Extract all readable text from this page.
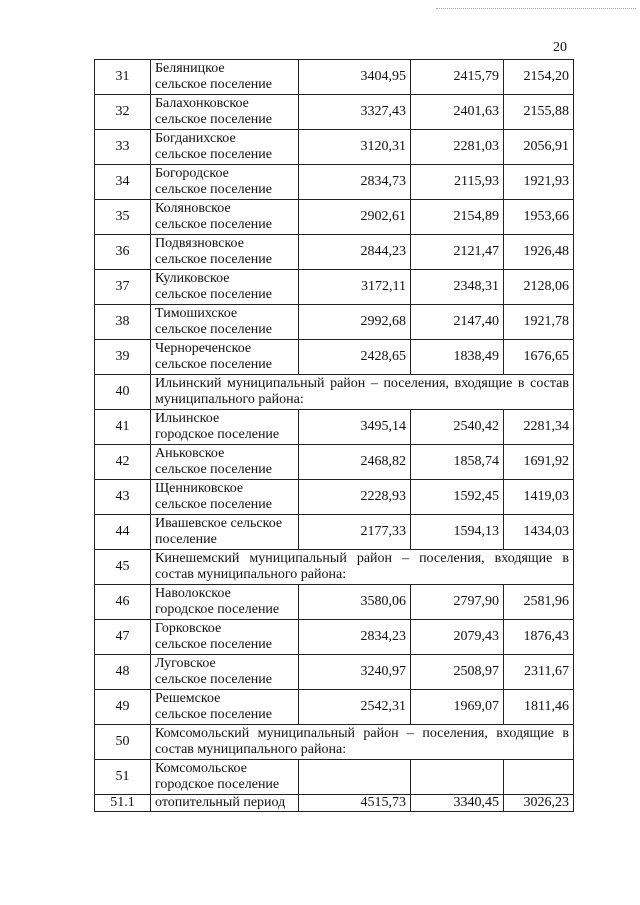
20
31	Беляницкое
сельское поселение	3404,95	2415,79	2154,20
32	Балахонковское
сельское поселение	3327,43	2401,63	2155,88
33	Богданихское
сельское поселение	3120,31	2281,03	2056,91
34	Богородское
сельское поселение	2834,73	2115,93	1921,93
35	Коляновское
сельское поселение	2902,61	2154,89	1953,66
36	Подвязновское
сельское поселение	2844,23	2121,47	1926,48
37	Куликовское
сельское поселение	3172,11	2348,31	2128,06
38	Тимошихское
сельское поселение	2992,68	2147,40	1921,78
39	Чернореченское
сельское поселение	2428,65	1838,49	1676,65
40	Ильинский муниципальный район – поселения, входящие в состав муниципального района:			
41	Ильинское
городское поселение	3495,14	2540,42	2281,34
42	Аньковское
сельское поселение	2468,82	1858,74	1691,92
43	Щенниковское
сельское поселение	2228,93	1592,45	1419,03
44	Ивашевское сельское
поселение	2177,33	1594,13	1434,03
45	Кинешемский муниципальный район – поселения, входящие в состав муниципального района:			
46	Наволокское
городское поселение	3580,06	2797,90	2581,96
47	Горковское
сельское поселение	2834,23	2079,43	1876,43
48	Луговское
сельское поселение	3240,97	2508,97	2311,67
49	Решемское
сельское поселение	2542,31	1969,07	1811,46
50	Комсомольский муниципальный район – поселения, входящие в состав муниципального района:			
51	Комсомольское
городское поселение			
51.1	отопительный период	4515,73	3340,45	3026,23
